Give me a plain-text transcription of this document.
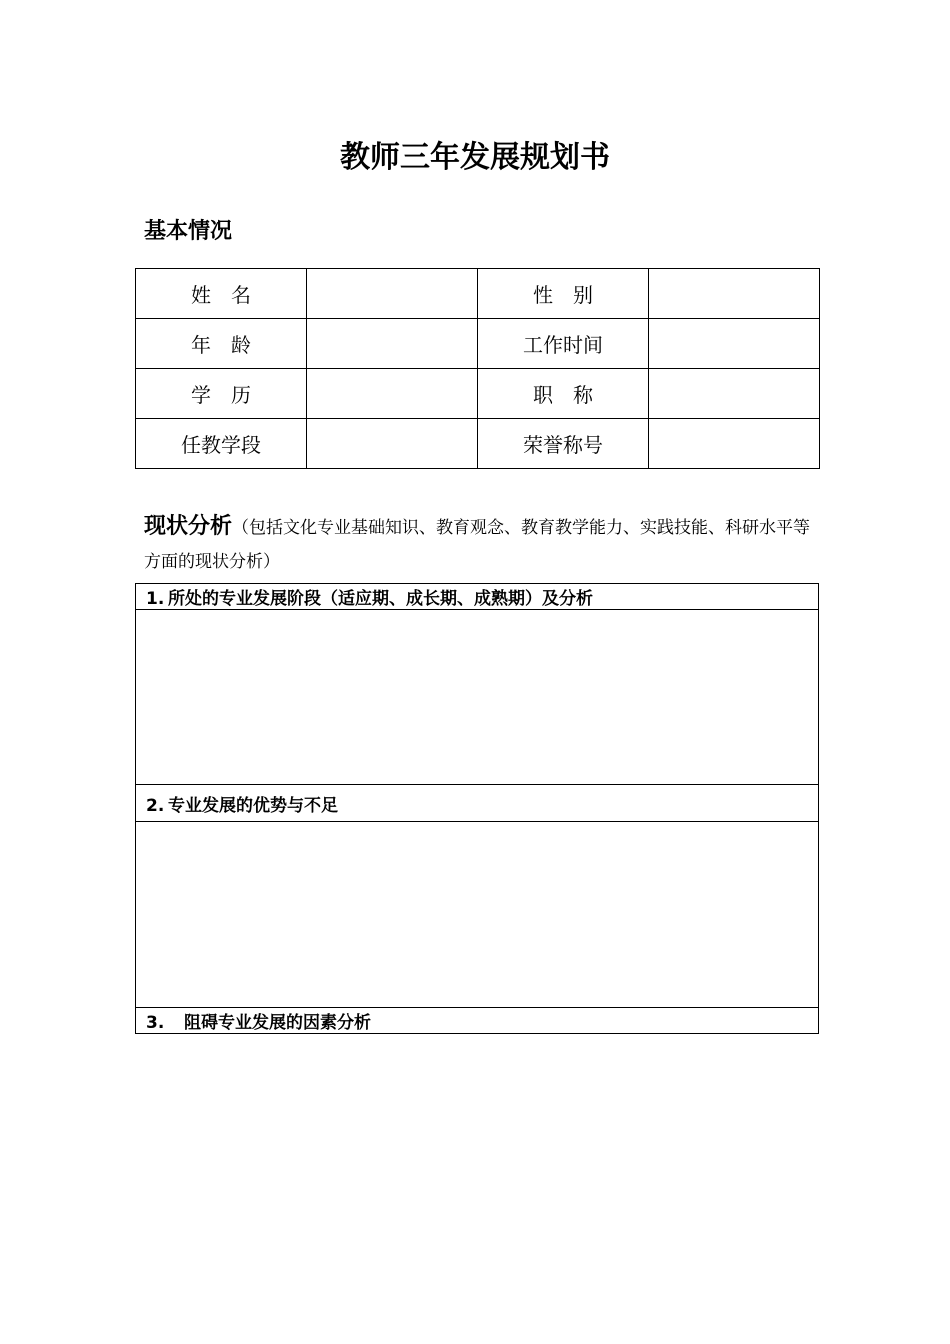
教师三年发展规划书
基本情况
姓　名		性　别	
年　龄		工作时间	
学　历		职　称	
任教学段		荣誉称号	
现状分析（包括文化专业基础知识、教育观念、教育教学能力、实践技能、科研水平等方面的现状分析）
1. 所处的专业发展阶段（适应期、成长期、成熟期）及分析

2. 专业发展的优势与不足

3. 阻碍专业发展的因素分析
